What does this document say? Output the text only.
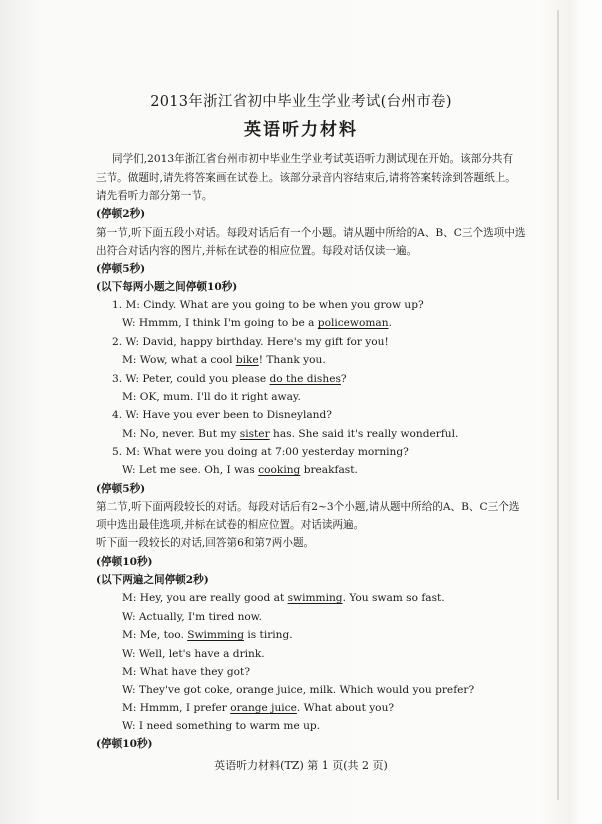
2013年浙江省初中毕业生学业考试(台州市卷)
英语听力材料
同学们,2013年浙江省台州市初中毕业生学业考试英语听力测试现在开始。该部分共有
三节。做题时,请先将答案画在试卷上。该部分录音内容结束后,请将答案转涂到答题纸上。
请先看听力部分第一节。
(停顿2秒)
第一节,听下面五段小对话。每段对话后有一个小题。请从题中所给的A、B、C三个选项中选
出符合对话内容的图片,并标在试卷的相应位置。每段对话仅读一遍。
(停顿5秒)
(以下每两小题之间停顿10秒)
1. M: Cindy. What are you going to be when you grow up?
W: Hmmm, I think I'm going to be a policewoman.
2. W: David, happy birthday. Here's my gift for you!
M: Wow, what a cool bike! Thank you.
3. W: Peter, could you please do the dishes?
M: OK, mum. I'll do it right away.
4. W: Have you ever been to Disneyland?
M: No, never. But my sister has. She said it's really wonderful.
5. M: What were you doing at 7:00 yesterday morning?
W: Let me see. Oh, I was cooking breakfast.
(停顿5秒)
第二节,听下面两段较长的对话。每段对话后有2~3个小题,请从题中所给的A、B、C三个选
项中选出最佳选项,并标在试卷的相应位置。对话读两遍。
听下面一段较长的对话,回答第6和第7两小题。
(停顿10秒)
(以下两遍之间停顿2秒)
M: Hey, you are really good at swimming. You swam so fast.
W: Actually, I'm tired now.
M: Me, too. Swimming is tiring.
W: Well, let's have a drink.
M: What have they got?
W: They've got coke, orange juice, milk. Which would you prefer?
M: Hmmm, I prefer orange juice. What about you?
W: I need something to warm me up.
(停顿10秒)
英语听力材料(TZ) 第 1 页(共 2 页)
